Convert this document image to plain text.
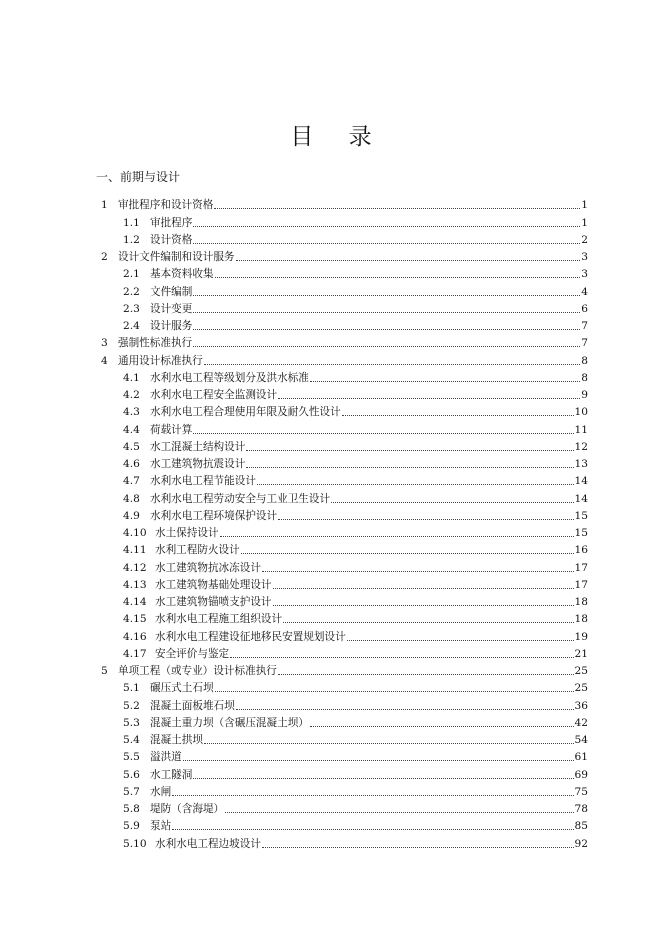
目 录
一、前期与设计
1 审批程序和设计资格	1
1.1 审批程序	1
1.2 设计资格	2
2 设计文件编制和设计服务	3
2.1 基本资料收集	3
2.2 文件编制	4
2.3 设计变更	6
2.4 设计服务	7
3 强制性标准执行	7
4 通用设计标准执行	8
4.1 水利水电工程等级划分及洪水标准	8
4.2 水利水电工程安全监测设计	9
4.3 水利水电工程合理使用年限及耐久性设计	10
4.4 荷载计算	11
4.5 水工混凝土结构设计	12
4.6 水工建筑物抗震设计	13
4.7 水利水电工程节能设计	14
4.8 水利水电工程劳动安全与工业卫生设计	14
4.9 水利水电工程环境保护设计	15
4.10 水土保持设计	15
4.11 水利工程防火设计	16
4.12 水工建筑物抗冰冻设计	17
4.13 水工建筑物基础处理设计	17
4.14 水工建筑物锚喷支护设计	18
4.15 水利水电工程施工组织设计	18
4.16 水利水电工程建设征地移民安置规划设计	19
4.17 安全评价与鉴定	21
5 单项工程（或专业）设计标准执行	25
5.1 碾压式土石坝	25
5.2 混凝土面板堆石坝	36
5.3 混凝土重力坝（含碾压混凝土坝）	42
5.4 混凝土拱坝	54
5.5 溢洪道	61
5.6 水工隧洞	69
5.7 水闸	75
5.8 堤防（含海堤）	78
5.9 泵站	85
5.10 水利水电工程边坡设计	92
